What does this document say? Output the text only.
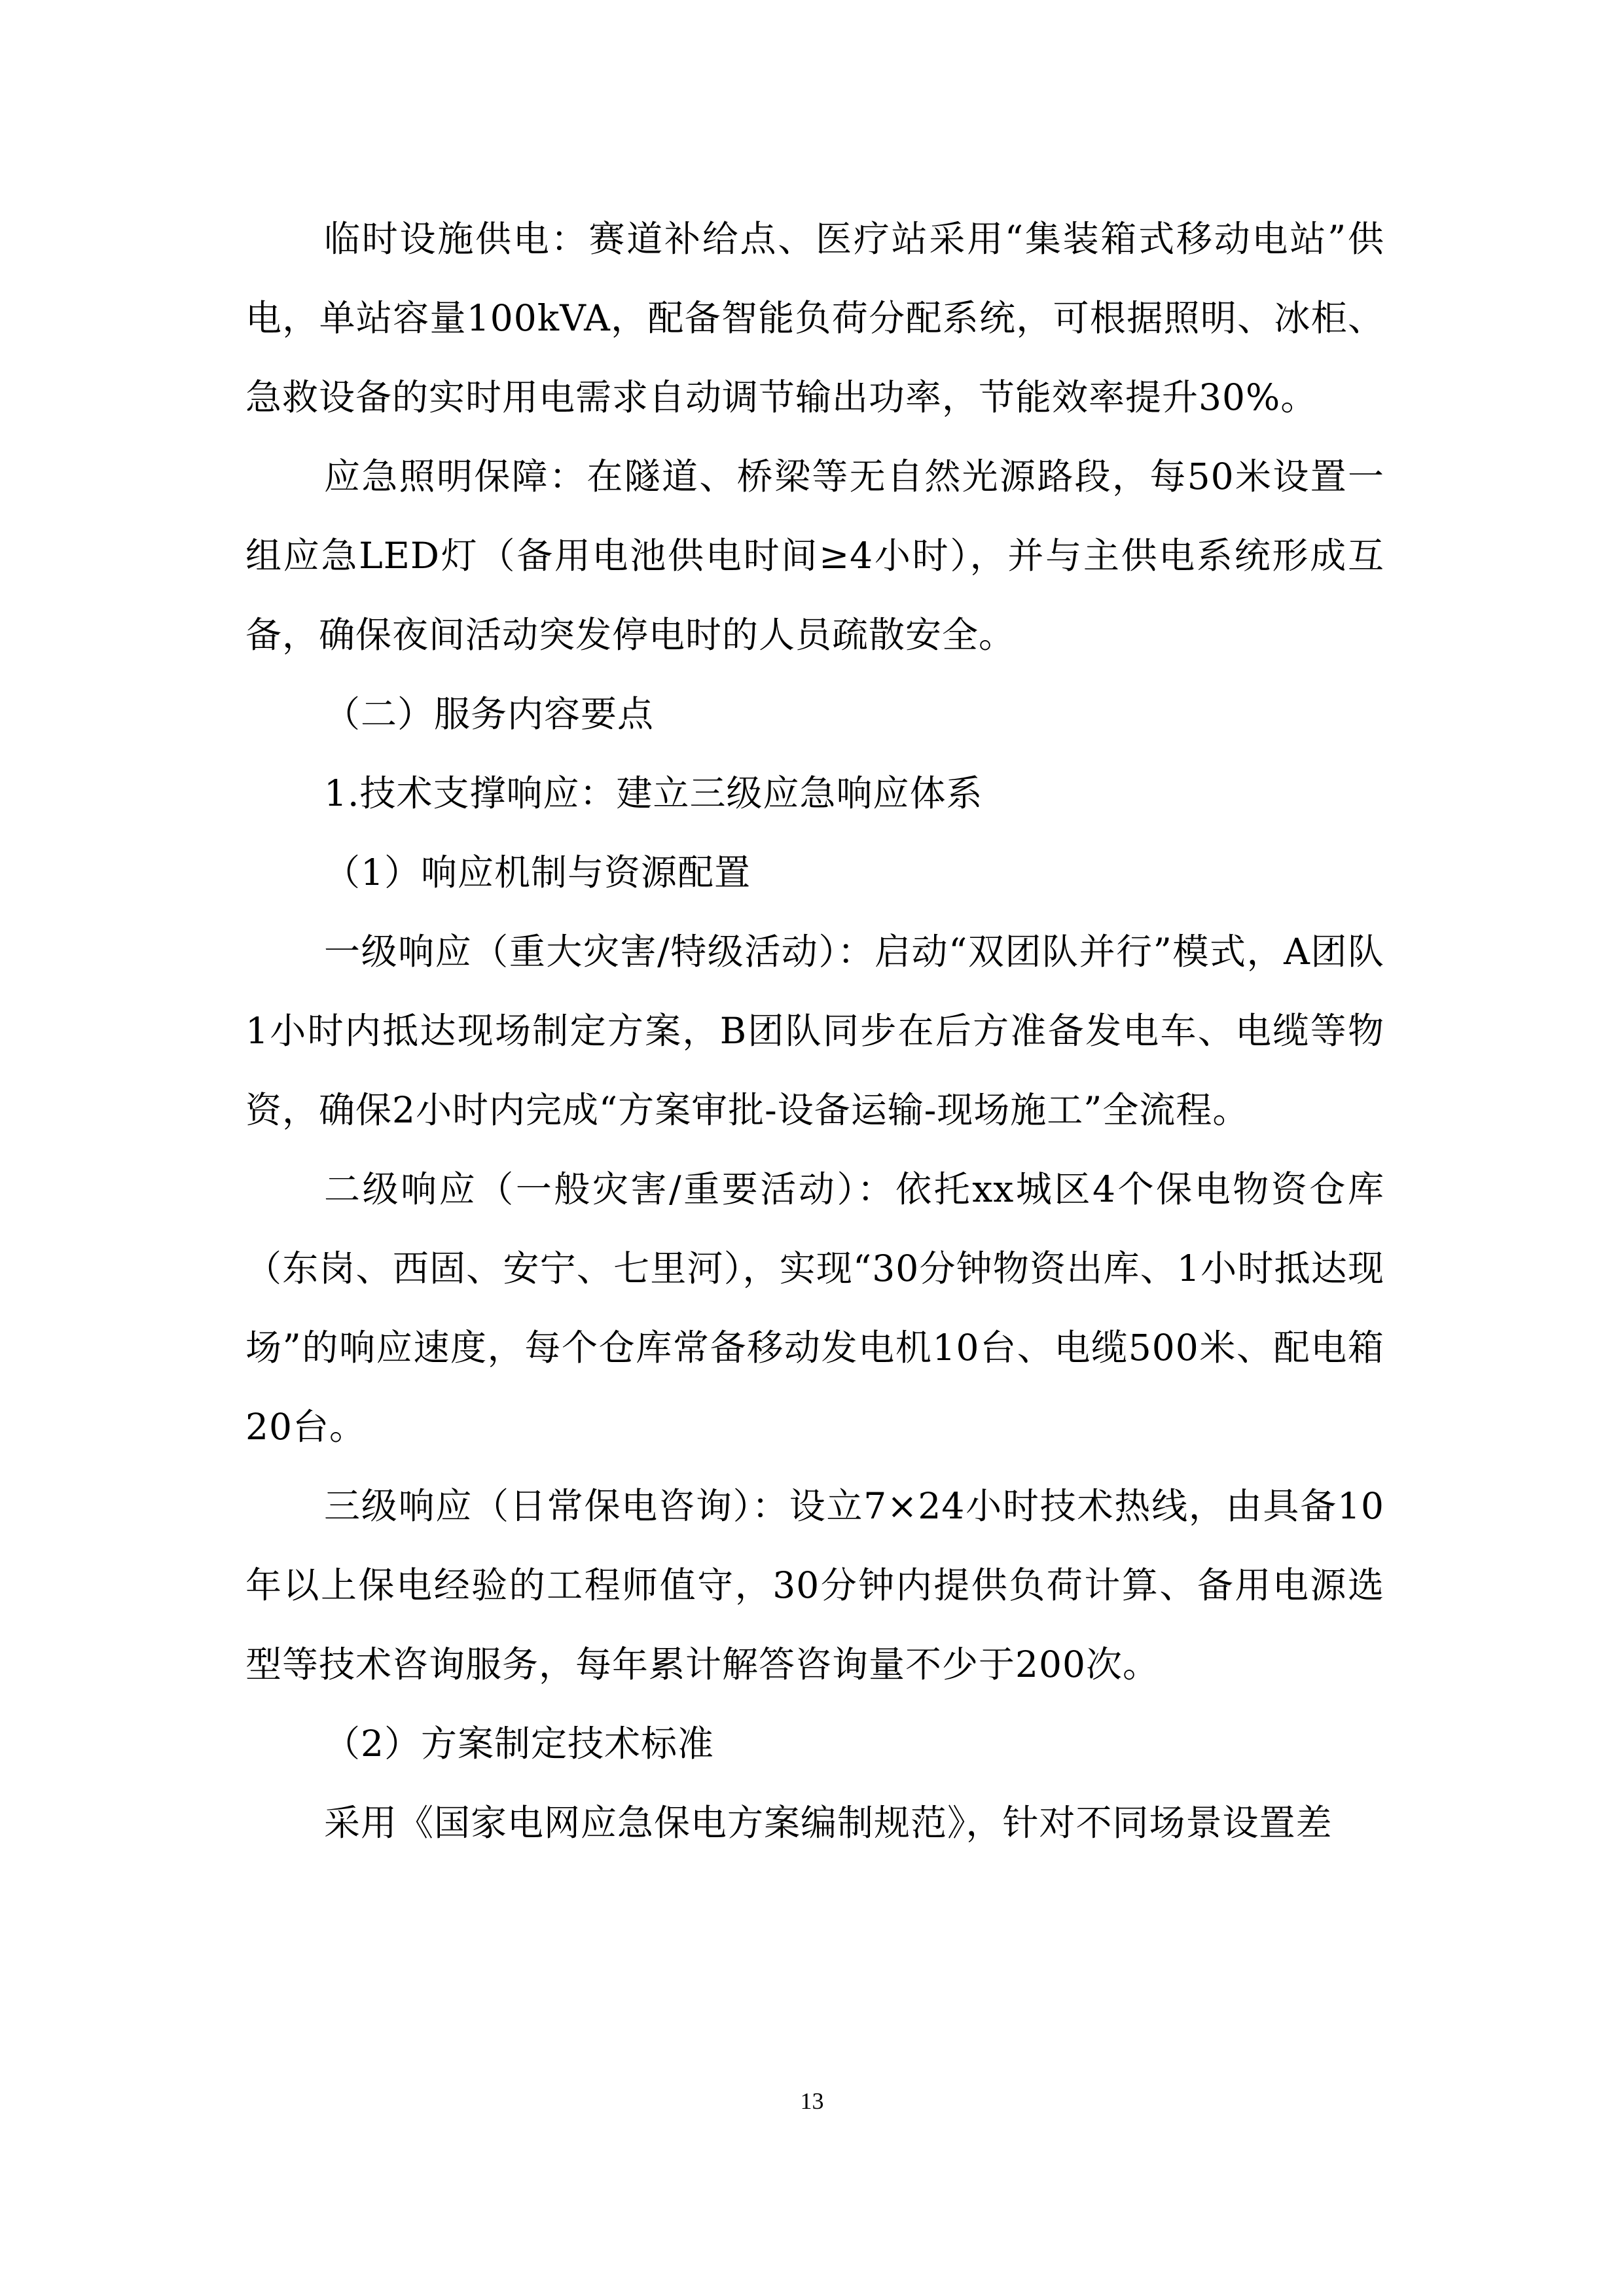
临时设施供电：赛道补给点、医疗站采用“集装箱式移动电站”供电，单站容量100kVA，配备智能负荷分配系统，可根据照明、冰柜、急救设备的实时用电需求自动调节输出功率，节能效率提升30%。

应急照明保障：在隧道、桥梁等无自然光源路段，每50米设置一组应急LED灯（备用电池供电时间≥4小时），并与主供电系统形成互备，确保夜间活动突发停电时的人员疏散安全。

（二）服务内容要点

1.技术支撑响应：建立三级应急响应体系

（1）响应机制与资源配置

一级响应（重大灾害/特级活动）：启动“双团队并行”模式，A团队1小时内抵达现场制定方案，B团队同步在后方准备发电车、电缆等物资，确保2小时内完成“方案审批-设备运输-现场施工”全流程。

二级响应（一般灾害/重要活动）：依托xx城区4个保电物资仓库（东岗、西固、安宁、七里河），实现“30分钟物资出库、1小时抵达现场”的响应速度，每个仓库常备移动发电机10台、电缆500米、配电箱20台。

三级响应（日常保电咨询）：设立7×24小时技术热线，由具备10年以上保电经验的工程师值守，30分钟内提供负荷计算、备用电源选型等技术咨询服务，每年累计解答咨询量不少于200次。

（2）方案制定技术标准

采用《国家电网应急保电方案编制规范》，针对不同场景设置差

13
